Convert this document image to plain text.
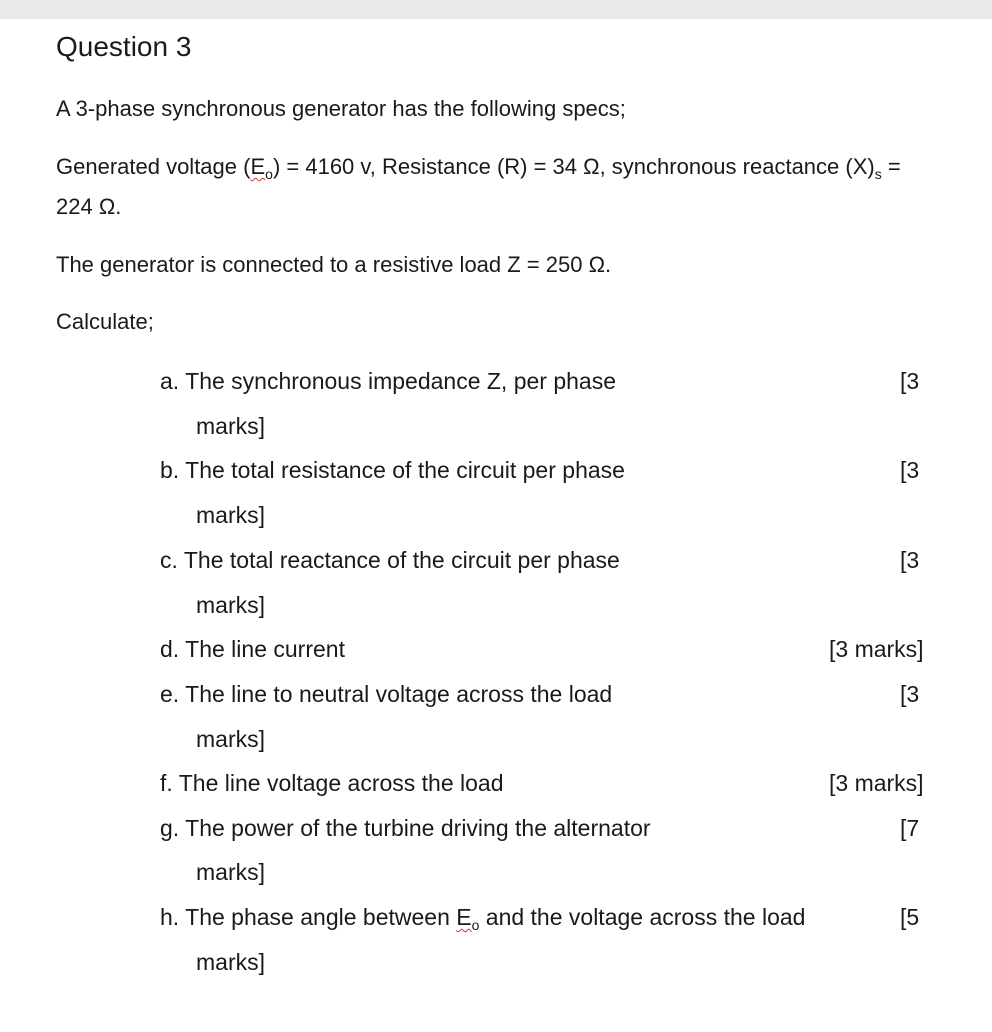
Question 3
A 3-phase synchronous generator has the following specs;
Generated voltage $(E_o) = 4160$ v, Resistance (R) = 34 Ω, synchronous reactance $(X)_s$ =
224 Ω.
The generator is connected to a resistive load Z = 250 Ω.
Calculate;
a. The synchronous impedance Z, per phase	[3
marks]
b. The total resistance of the circuit per phase	[3
marks]
c. The total reactance of the circuit per phase	[3
marks]
d. The line current	[3 marks]
e. The line to neutral voltage across the load	[3
marks]
f. The line voltage across the load	[3 marks]
g. The power of the turbine driving the alternator	[7
marks]
h. The phase angle between $E_o$ and the voltage across the load	[5
marks]
